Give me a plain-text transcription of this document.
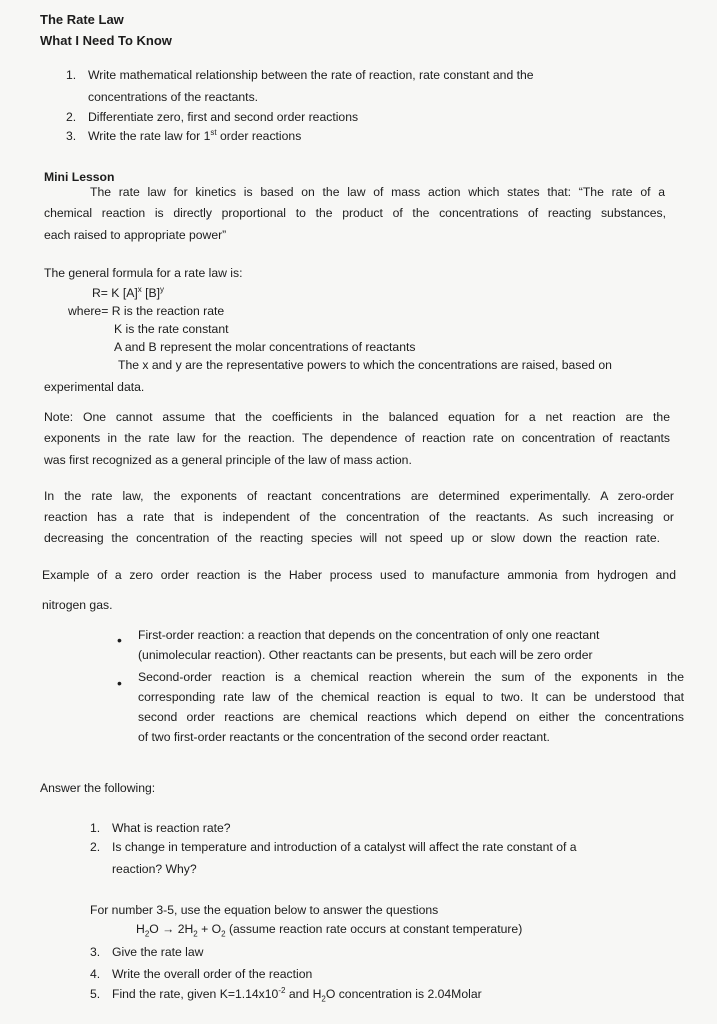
The Rate Law
What I Need To Know
1. Write mathematical relationship between the rate of reaction, rate constant and the
concentrations of the reactants.
2. Differentiate zero, first and second order reactions
3. Write the rate law for 1st order reactions
Mini Lesson
The rate law for kinetics is based on the law of mass action which states that: “The rate of a
chemical reaction is directly proportional to the product of the concentrations of reacting substances,
each raised to appropriate power”
The general formula for a rate law is:
R= K $[A]^x$ $[B]^y$
where= R is the reaction rate
K is the rate constant
A and B represent the molar concentrations of reactants
The x and y are the representative powers to which the concentrations are raised, based on
experimental data.
Note: One cannot assume that the coefficients in the balanced equation for a net reaction are the
exponents in the rate law for the reaction. The dependence of reaction rate on concentration of reactants
was first recognized as a general principle of the law of mass action.
In the rate law, the exponents of reactant concentrations are determined experimentally. A zero-order
reaction has a rate that is independent of the concentration of the reactants. As such increasing or
decreasing the concentration of the reacting species will not speed up or slow down the reaction rate.
Example of a zero order reaction is the Haber process used to manufacture ammonia from hydrogen and
nitrogen gas.
• First-order reaction: a reaction that depends on the concentration of only one reactant
(unimolecular reaction). Other reactants can be presents, but each will be zero order
• Second-order reaction is a chemical reaction wherein the sum of the exponents in the
corresponding rate law of the chemical reaction is equal to two. It can be understood that
second order reactions are chemical reactions which depend on either the concentrations
of two first-order reactants or the concentration of the second order reactant.
Answer the following:
1. What is reaction rate?
2. Is change in temperature and introduction of a catalyst will affect the rate constant of a
reaction? Why?
For number 3-5, use the equation below to answer the questions
$H_2O \to 2H_2 + O_2$ (assume reaction rate occurs at constant temperature)
3. Give the rate law
4. Write the overall order of the reaction
5. Find the rate, given $K=1.14x10^{-2}$ and $H_2O$ concentration is 2.04Molar
